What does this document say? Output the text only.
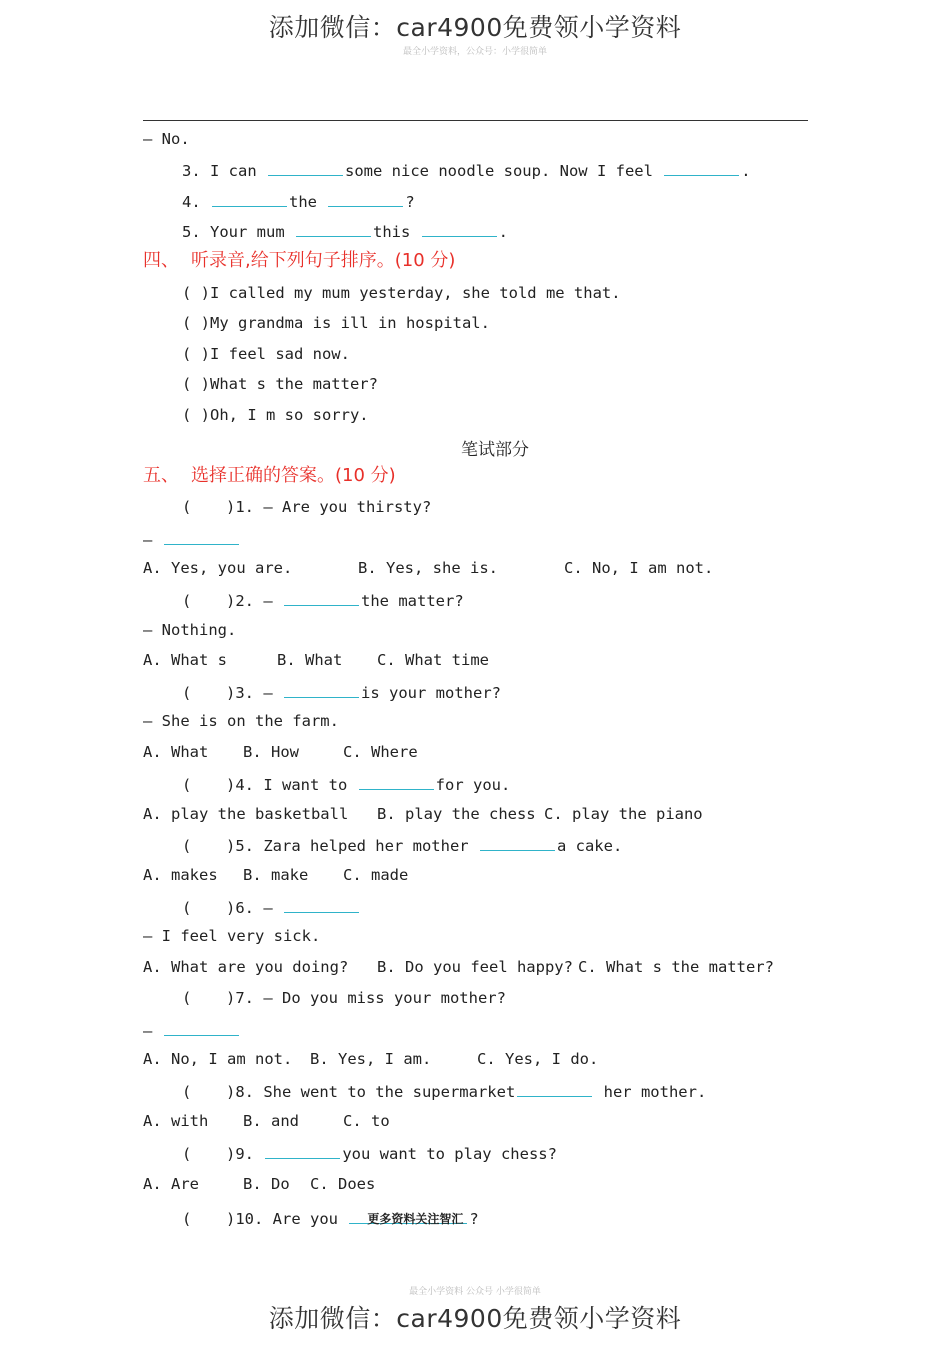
添加微信：car4900免费领小学资料
最全小学资料，公众号：小学很简单
— No.
3. I can	some nice noodle soup. Now I feel	.
4.	the	?
5. Your mum	this	.
四、 听录音,给下列句子排序。(10 分)
( )I called my mum yesterday, she told me that.
( )My grandma is ill in hospital.
( )I feel sad now.
( )What s the matter?
( )Oh, I m so sorry.
笔试部分
五、 选择正确的答案。(10 分)
( )1. — Are you thirsty?
—
A. Yes, you are.	B. Yes, she is.	C. No, I am not.
( )2. —	the matter?
— Nothing.
A. What s	B. What C. What time
( )3. —	is your mother?
— She is on the farm.
A. What B. How	C. Where
( )4. I want to	for you.
A. play the basketball B. play the chess C. play the piano
( )5. Zara helped her mother	a cake.
A. makes B. make C. made
( )6. —
— I feel very sick.
A. What are you doing? B. Do you feel happy? C. What s the matter?
( )7. — Do you miss your mother?
—
A. No, I am not. B. Yes, I am.	C. Yes, I do.
( )8. She went to the supermarket	her mother.
A. with B. and	C. to
( )9.	you want to play chess?
A. Are	B. Do C. Does
( )10. Are you 更多资料关注智汇 ?
最全小学资料 公众号 小学很简单
添加微信：car4900免费领小学资料
